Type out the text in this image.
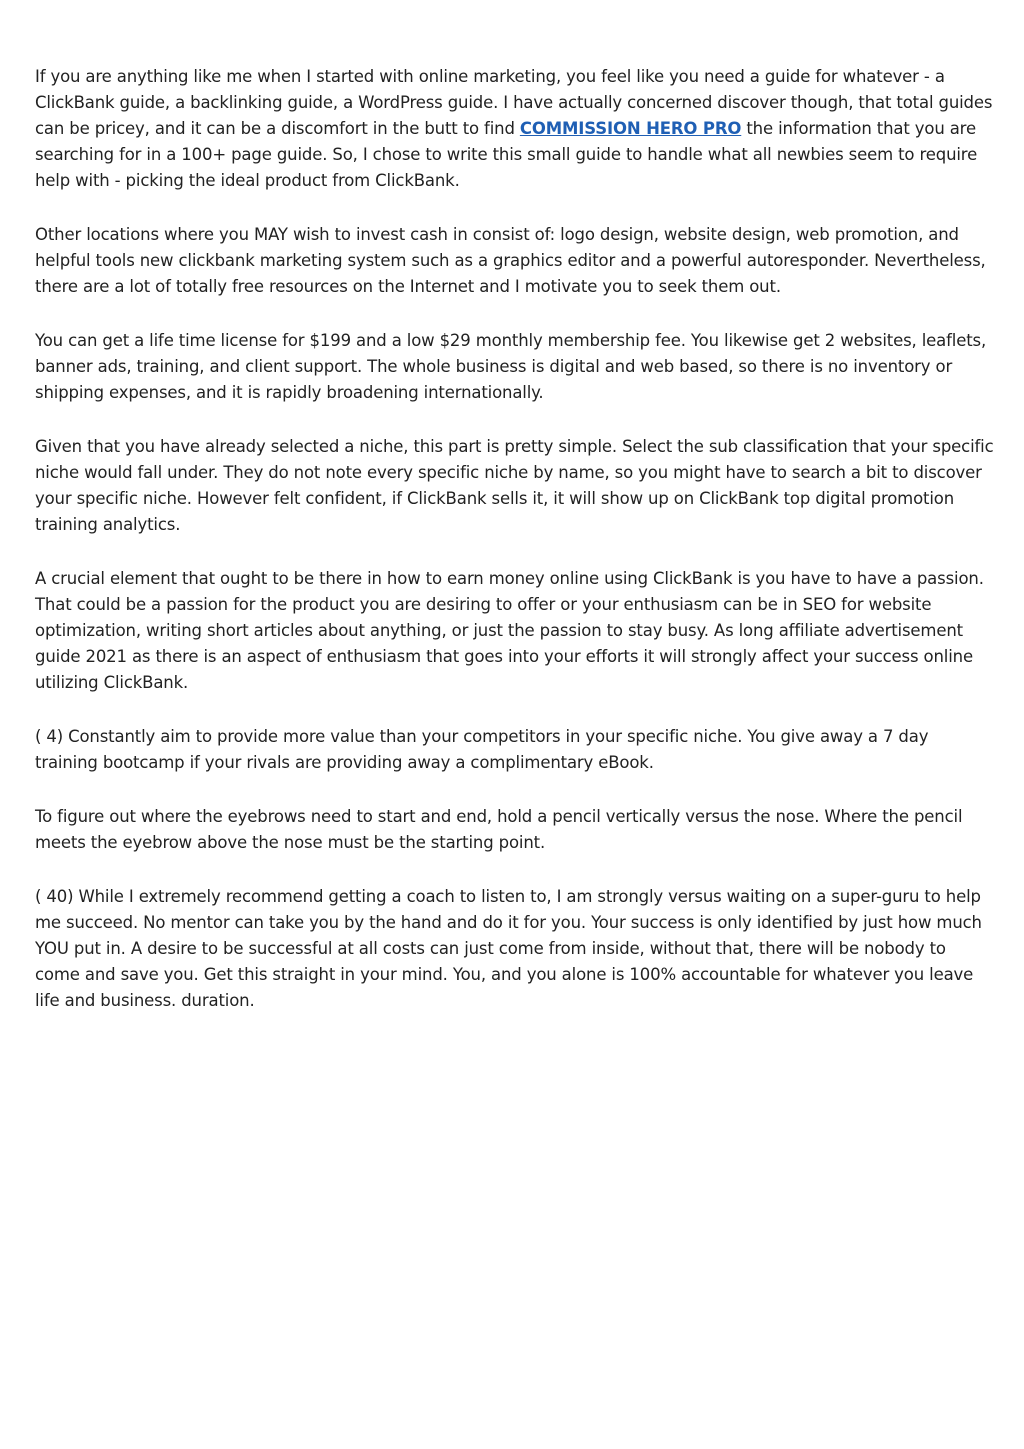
If you are anything like me when I started with online marketing, you feel like you need a guide for whatever - a ClickBank guide, a backlinking guide, a WordPress guide. I have actually concerned discover though, that total guides can be pricey, and it can be a discomfort in the butt to find COMMISSION HERO PRO the information that you are searching for in a 100+ page guide. So, I chose to write this small guide to handle what all newbies seem to require help with - picking the ideal product from ClickBank.

Other locations where you MAY wish to invest cash in consist of: logo design, website design, web promotion, and helpful tools new clickbank marketing system such as a graphics editor and a powerful autoresponder. Nevertheless, there are a lot of totally free resources on the Internet and I motivate you to seek them out.

You can get a life time license for $199 and a low $29 monthly membership fee. You likewise get 2 websites, leaflets, banner ads, training, and client support. The whole business is digital and web based, so there is no inventory or shipping expenses, and it is rapidly broadening internationally.

Given that you have already selected a niche, this part is pretty simple. Select the sub classification that your specific niche would fall under. They do not note every specific niche by name, so you might have to search a bit to discover your specific niche. However felt confident, if ClickBank sells it, it will show up on ClickBank top digital promotion training analytics.

A crucial element that ought to be there in how to earn money online using ClickBank is you have to have a passion. That could be a passion for the product you are desiring to offer or your enthusiasm can be in SEO for website optimization, writing short articles about anything, or just the passion to stay busy. As long affiliate advertisement guide 2021 as there is an aspect of enthusiasm that goes into your efforts it will strongly affect your success online utilizing ClickBank.

( 4) Constantly aim to provide more value than your competitors in your specific niche. You give away a 7 day training bootcamp if your rivals are providing away a complimentary eBook.

To figure out where the eyebrows need to start and end, hold a pencil vertically versus the nose. Where the pencil meets the eyebrow above the nose must be the starting point.

( 40) While I extremely recommend getting a coach to listen to, I am strongly versus waiting on a super-guru to help me succeed. No mentor can take you by the hand and do it for you. Your success is only identified by just how much YOU put in. A desire to be successful at all costs can just come from inside, without that, there will be nobody to come and save you. Get this straight in your mind. You, and you alone is 100% accountable for whatever you leave life and business. duration.
